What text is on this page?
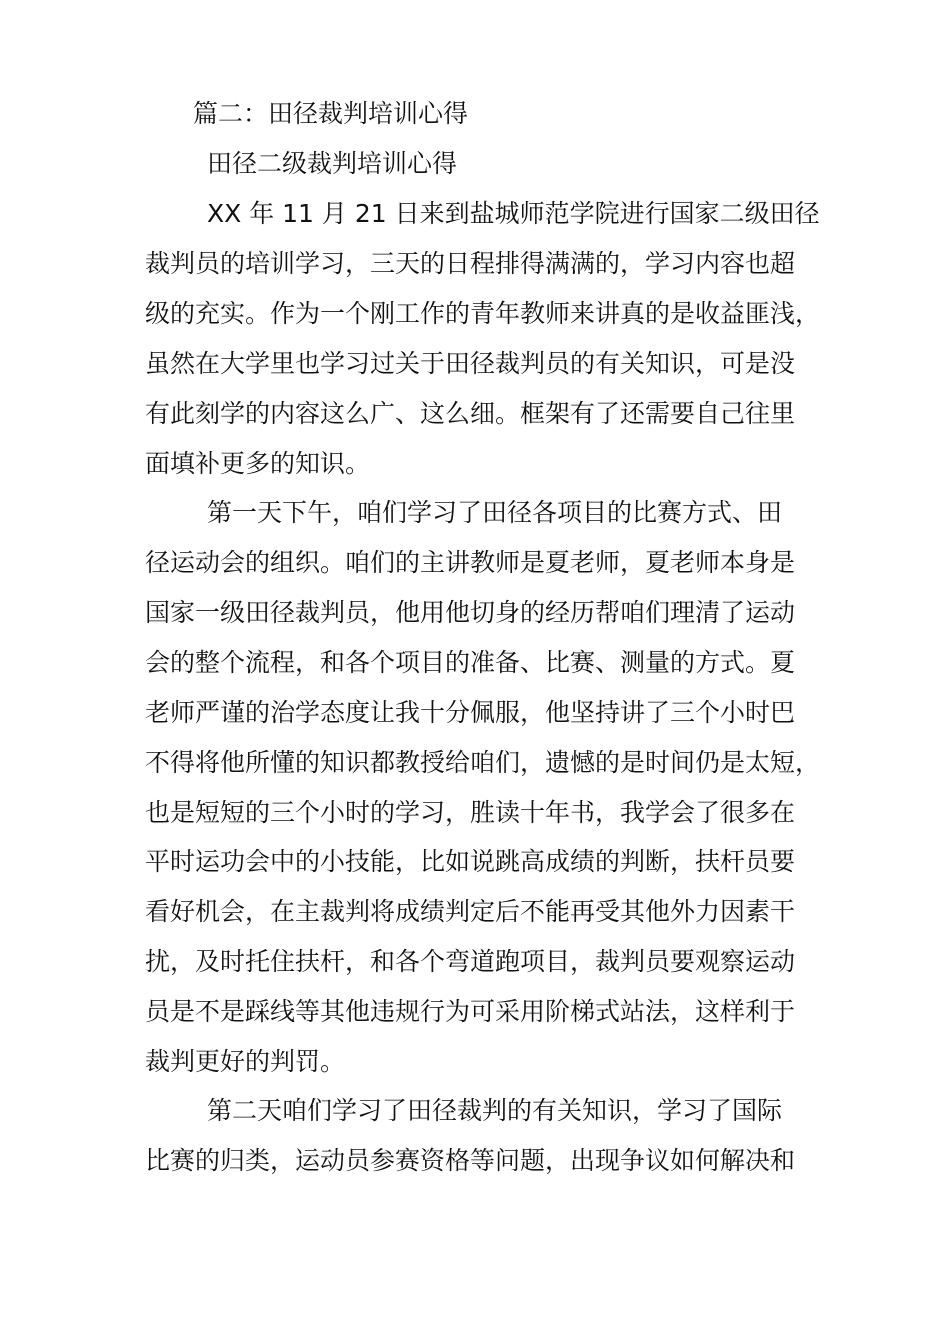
篇二：田径裁判培训心得

田径二级裁判培训心得

XX 年 11 月 21 日来到盐城师范学院进行国家二级田径

裁判员的培训学习，三天的日程排得满满的，学习内容也超

级的充实。作为一个刚工作的青年教师来讲真的是收益匪浅，

虽然在大学里也学习过关于田径裁判员的有关知识，可是没

有此刻学的内容这么广、这么细。框架有了还需要自己往里

面填补更多的知识。

第一天下午，咱们学习了田径各项目的比赛方式、田

径运动会的组织。咱们的主讲教师是夏老师，夏老师本身是

国家一级田径裁判员，他用他切身的经历帮咱们理清了运动

会的整个流程，和各个项目的准备、比赛、测量的方式。夏

老师严谨的治学态度让我十分佩服，他坚持讲了三个小时巴

不得将他所懂的知识都教授给咱们，遗憾的是时间仍是太短，

也是短短的三个小时的学习，胜读十年书，我学会了很多在

平时运功会中的小技能，比如说跳高成绩的判断，扶杆员要

看好机会，在主裁判将成绩判定后不能再受其他外力因素干

扰，及时托住扶杆，和各个弯道跑项目，裁判员要观察运动

员是不是踩线等其他违规行为可采用阶梯式站法，这样利于

裁判更好的判罚。

第二天咱们学习了田径裁判的有关知识，学习了国际

比赛的归类，运动员参赛资格等问题，出现争议如何解决和
